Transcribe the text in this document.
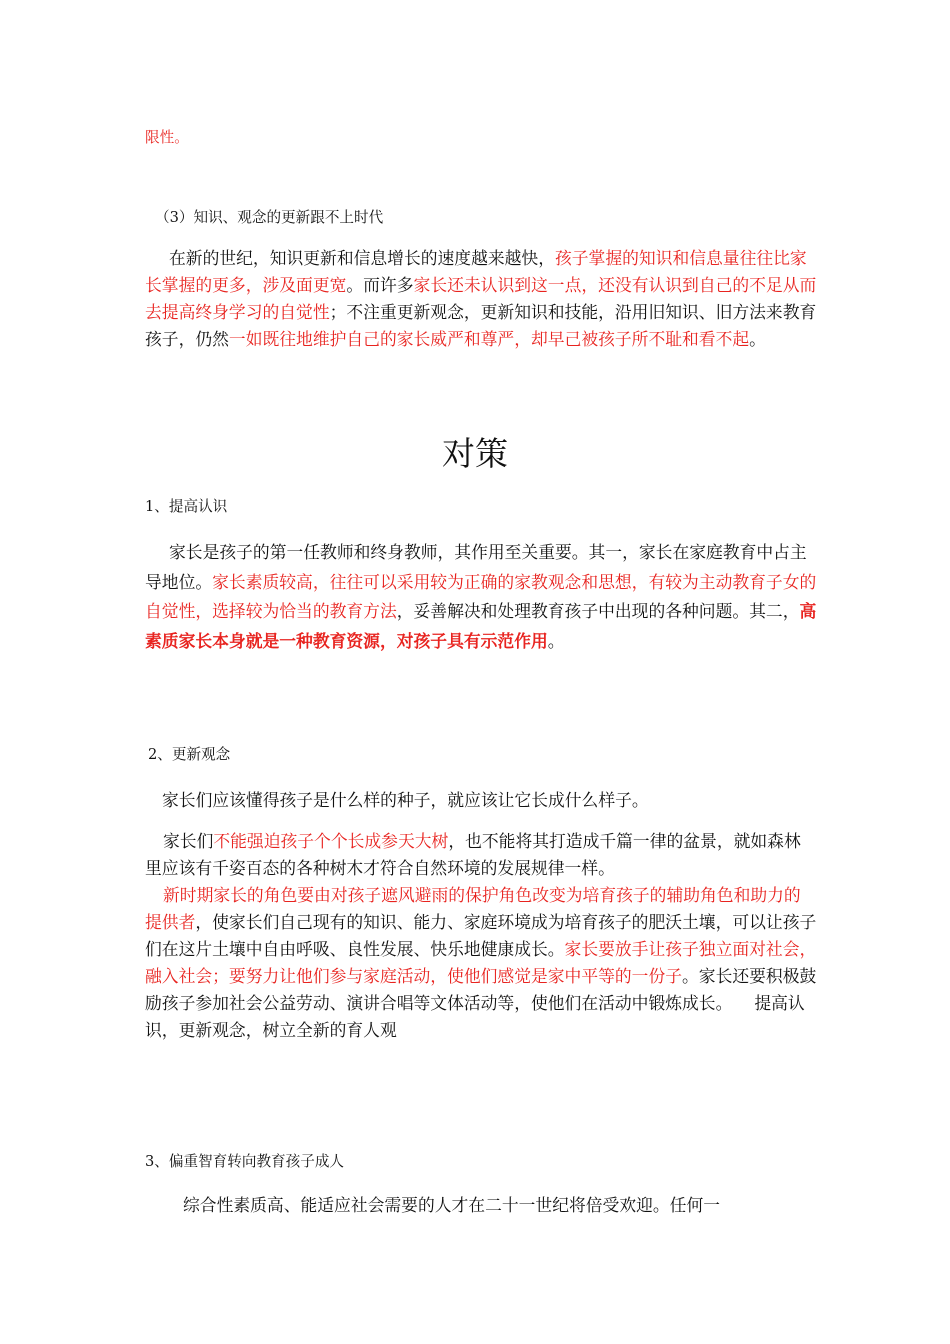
限性。

（3）知识、观念的更新跟不上时代

在新的世纪，知识更新和信息增长的速度越来越快，孩子掌握的知识和信息量往往比家长掌握的更多，涉及面更宽。而许多家长还未认识到这一点，还没有认识到自己的不足从而去提高终身学习的自觉性；不注重更新观念，更新知识和技能，沿用旧知识、旧方法来教育孩子，仍然一如既往地维护自己的家长威严和尊严，却早己被孩子所不耻和看不起。

对策

1、提高认识

家长是孩子的第一任教师和终身教师，其作用至关重要。其一，家长在家庭教育中占主导地位。家长素质较高，往往可以采用较为正确的家教观念和思想，有较为主动教育子女的自觉性，选择较为恰当的教育方法，妥善解决和处理教育孩子中出现的各种问题。其二，高素质家长本身就是一种教育资源，对孩子具有示范作用。

2、更新观念

家长们应该懂得孩子是什么样的种子，就应该让它长成什么样子。

家长们不能强迫孩子个个长成参天大树，也不能将其打造成千篇一律的盆景，就如森林里应该有千姿百态的各种树木才符合自然环境的发展规律一样。
新时期家长的角色要由对孩子遮风避雨的保护角色改变为培育孩子的辅助角色和助力的提供者，使家长们自己现有的知识、能力、家庭环境成为培育孩子的肥沃土壤，可以让孩子们在这片土壤中自由呼吸、良性发展、快乐地健康成长。家长要放手让孩子独立面对社会，融入社会；要努力让他们参与家庭活动，使他们感觉是家中平等的一份子。家长还要积极鼓励孩子参加社会公益劳动、演讲合唱等文体活动等，使他们在活动中锻炼成长。 提高认识，更新观念，树立全新的育人观

3、偏重智育转向教育孩子成人

综合性素质高、能适应社会需要的人才在二十一世纪将倍受欢迎。任何一
